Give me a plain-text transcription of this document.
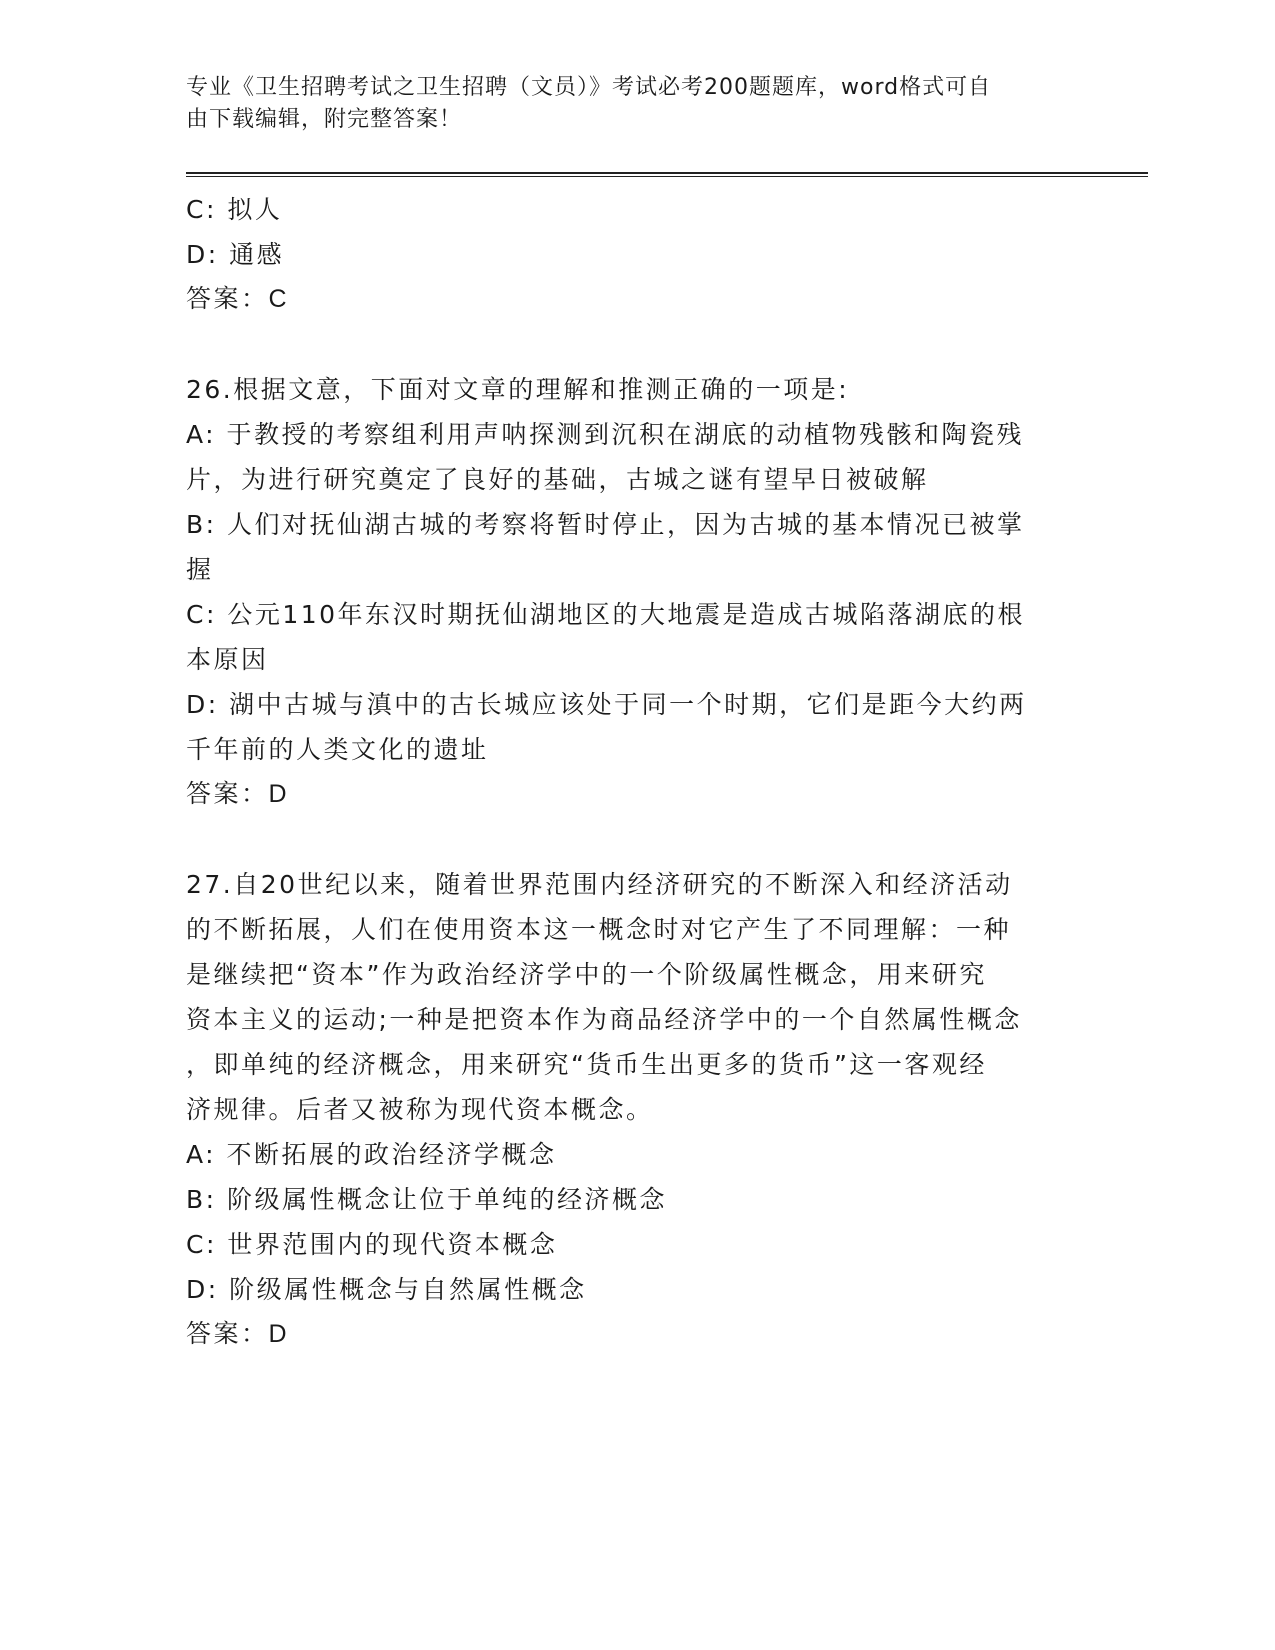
专业《卫生招聘考试之卫生招聘（文员）》考试必考200题题库，word格式可自
由下载编辑，附完整答案！

C: 拟人

D: 通感

答案：C

26.根据文意，下面对文章的理解和推测正确的一项是:

A: 于教授的考察组利用声呐探测到沉积在湖底的动植物残骸和陶瓷残

片，为进行研究奠定了良好的基础，古城之谜有望早日被破解

B: 人们对抚仙湖古城的考察将暂时停止，因为古城的基本情况已被掌

握

C: 公元110年东汉时期抚仙湖地区的大地震是造成古城陷落湖底的根

本原因

D: 湖中古城与滇中的古长城应该处于同一个时期，它们是距今大约两

千年前的人类文化的遗址

答案：D

27.自20世纪以来，随着世界范围内经济研究的不断深入和经济活动

的不断拓展，人们在使用资本这一概念时对它产生了不同理解：一种

是继续把“资本”作为政治经济学中的一个阶级属性概念，用来研究

资本主义的运动;一种是把资本作为商品经济学中的一个自然属性概念

，即单纯的经济概念，用来研究“货币生出更多的货币”这一客观经

济规律。后者又被称为现代资本概念。

A: 不断拓展的政治经济学概念

B: 阶级属性概念让位于单纯的经济概念

C: 世界范围内的现代资本概念

D: 阶级属性概念与自然属性概念

答案：D
